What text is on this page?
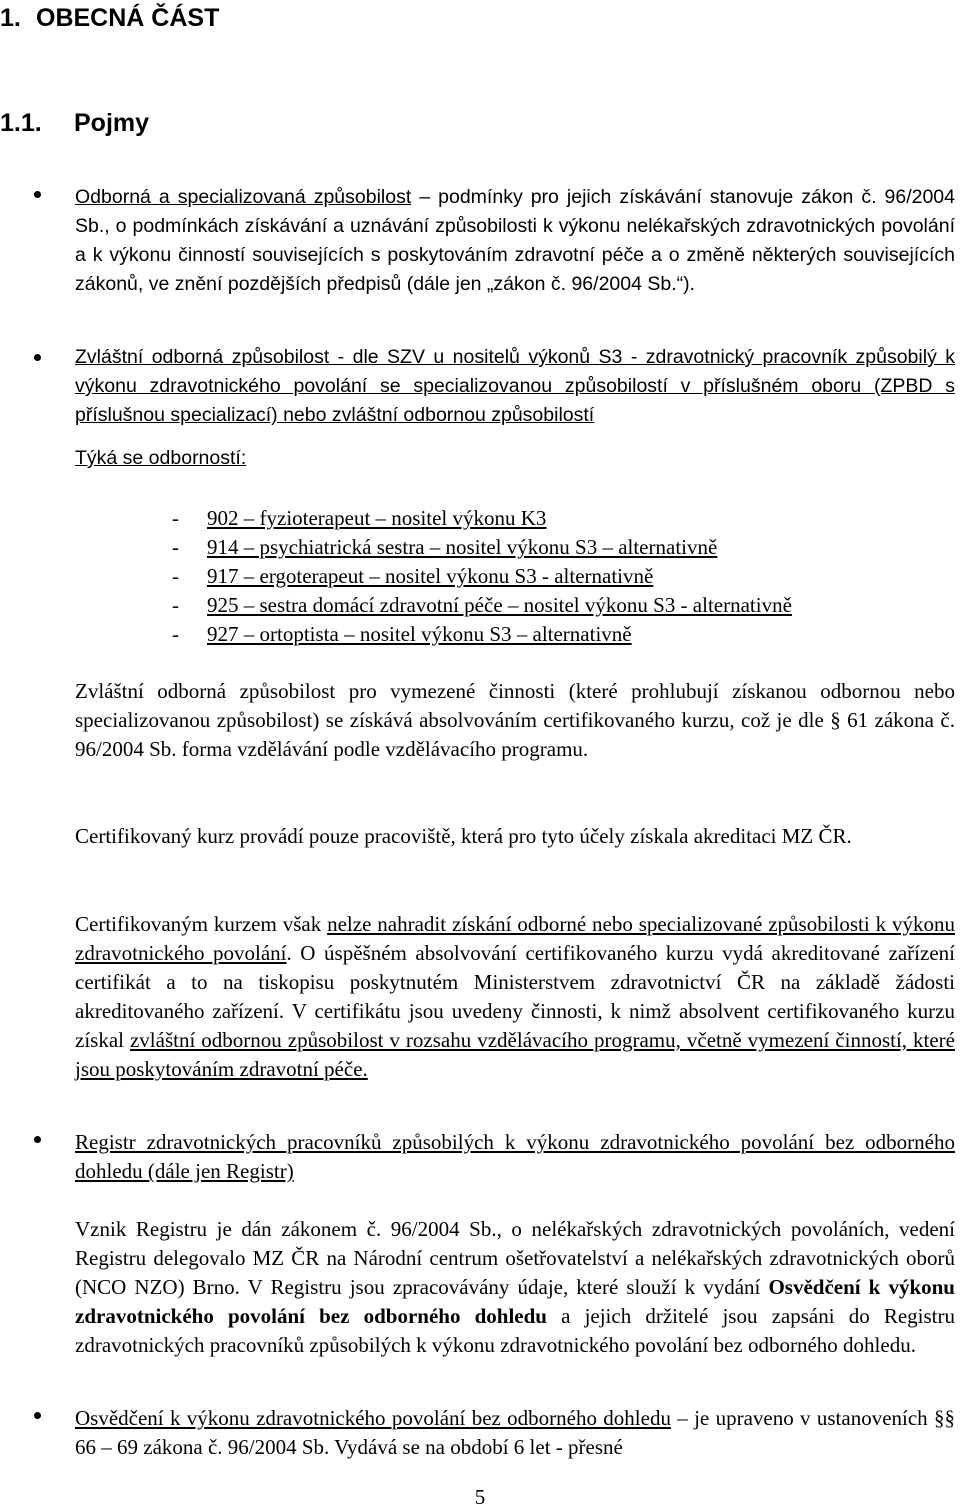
1. OBECNÁ ČÁST
1.1. Pojmy
Odborná a specializovaná způsobilost – podmínky pro jejich získávání stanovuje zákon č. 96/2004 Sb., o podmínkách získávání a uznávání způsobilosti k výkonu nelékařských zdravotnických povolání a k výkonu činností souvisejících s poskytováním zdravotní péče a o změně některých souvisejících zákonů, ve znění pozdějších předpisů (dále jen „zákon č. 96/2004 Sb.“).

Zvláštní odborná způsobilost - dle SZV u nositelů výkonů S3 - zdravotnický pracovník způsobilý k výkonu zdravotnického povolání se specializovanou způsobilostí v příslušném oboru (ZPBD s příslušnou specializací) nebo zvláštní odbornou způsobilostí

Týká se odborností:

- 902 – fyzioterapeut – nositel výkonu K3
- 914 – psychiatrická sestra – nositel výkonu S3 – alternativně
- 917 – ergoterapeut – nositel výkonu S3 - alternativně
- 925 – sestra domácí zdravotní péče – nositel výkonu S3 - alternativně
- 927 – ortoptista – nositel výkonu S3 – alternativně
Zvláštní odborná způsobilost pro vymezené činnosti (které prohlubují získanou odbornou nebo specializovanou způsobilost) se získává absolvováním certifikovaného kurzu, což je dle § 61 zákona č. 96/2004 Sb. forma vzdělávání podle vzdělávacího programu.
Certifikovaný kurz provádí pouze pracoviště, která pro tyto účely získala akreditaci MZ ČR.
Certifikovaným kurzem však nelze nahradit získání odborné nebo specializované způsobilosti k výkonu zdravotnického povolání. O úspěšném absolvování certifikovaného kurzu vydá akreditované zařízení certifikát a to na tiskopisu poskytnutém Ministerstvem zdravotnictví ČR na základě žádosti akreditovaného zařízení. V certifikátu jsou uvedeny činnosti, k nimž absolvent certifikovaného kurzu získal zvláštní odbornou způsobilost v rozsahu vzdělávacího programu, včetně vymezení činností, které jsou poskytováním zdravotní péče.
Registr zdravotnických pracovníků způsobilých k výkonu zdravotnického povolání bez odborného dohledu (dále jen Registr)
Vznik Registru je dán zákonem č. 96/2004 Sb., o nelékařských zdravotnických povoláních, vedení Registru delegovalo MZ ČR na Národní centrum ošetřovatelství a nelékařských zdravotnických oborů (NCO NZO) Brno. V Registru jsou zpracovávány údaje, které slouží k vydání Osvědčení k výkonu zdravotnického povolání bez odborného dohledu a jejich držitelé jsou zapsáni do Registru zdravotnických pracovníků způsobilých k výkonu zdravotnického povolání bez odborného dohledu.
Osvědčení k výkonu zdravotnického povolání bez odborného dohledu – je upraveno v ustanoveních §§ 66 – 69 zákona č. 96/2004 Sb. Vydává se na období 6 let - přesné
5
